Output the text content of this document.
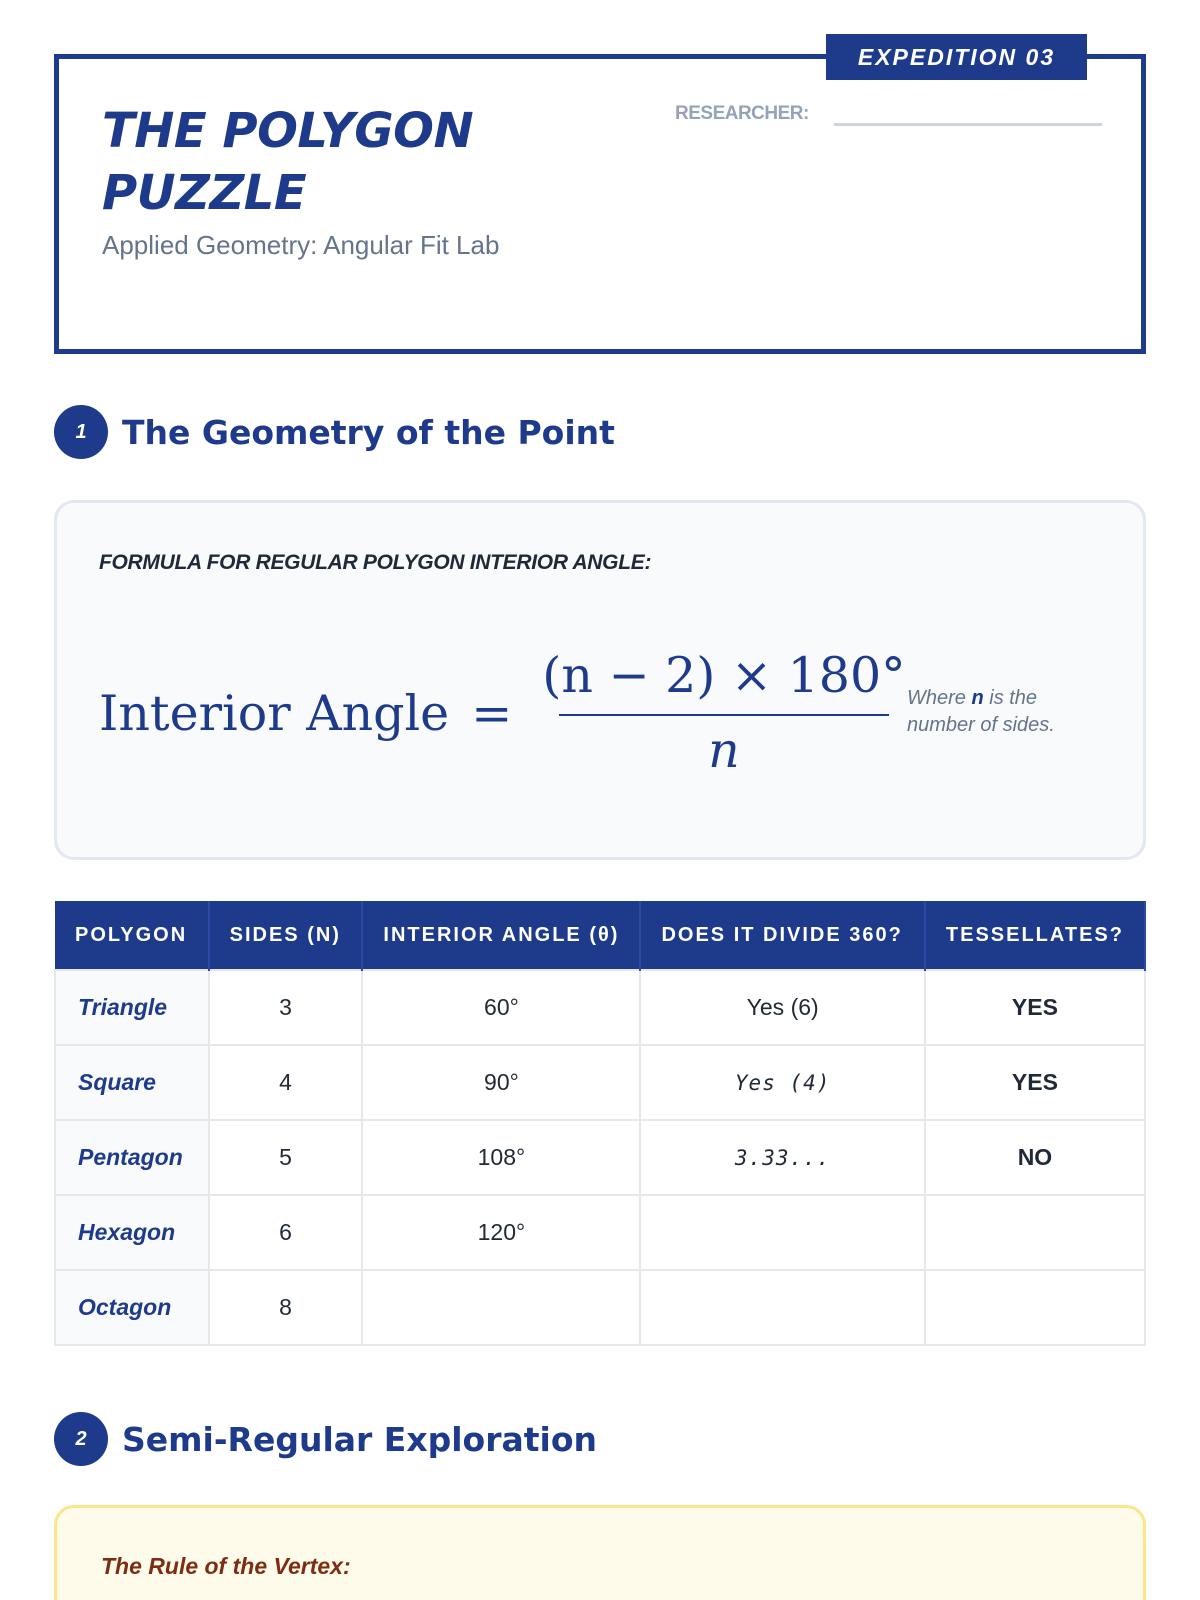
EXPEDITION 03
THE POLYGON PUZZLE
Applied Geometry: Angular Fit Lab
RESEARCHER:
1	The Geometry of the Point
FORMULA FOR REGULAR POLYGON INTERIOR ANGLE:
Interior Angle = $\frac{(n - 2) \times 180^\circ}{n}$
Where n is the number of sides.
POLYGON	SIDES (N)	INTERIOR ANGLE (θ)	DOES IT DIVIDE 360?	TESSELLATES?
Triangle	3	60°	Yes (6)	YES
Square	4	90°	Yes (4)	YES
Pentagon	5	108°	3.33...	NO
Hexagon	6	120°		
Octagon	8			
2	Semi-Regular Exploration
The Rule of the Vertex:
